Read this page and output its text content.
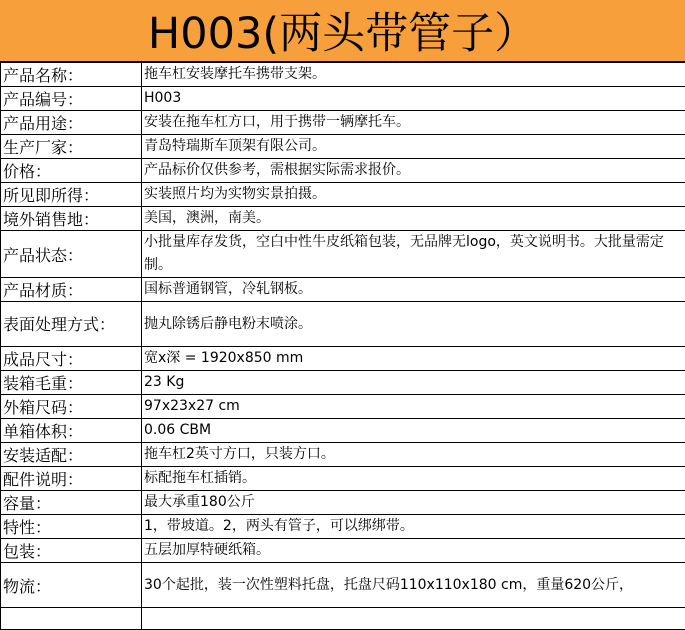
H003(两头带管子）
产品名称：	拖车杠安装摩托车携带支架。
产品编号：	H003
产品用途：	安装在拖车杠方口，用于携带一辆摩托车。
生产厂家：	青岛特瑞斯车顶架有限公司。
价格：	产品标价仅供参考，需根据实际需求报价。
所见即所得：	实装照片均为实物实景拍摄。
境外销售地：	美国，澳洲，南美。
产品状态：	小批量库存发货，空白中性牛皮纸箱包装，无品牌无logo，英文说明书。大批量需定制。
产品材质：	国标普通钢管，冷轧钢板。
表面处理方式：	抛丸除锈后静电粉末喷涂。
成品尺寸：	宽x深 = 1920x850 mm
装箱毛重：	23 Kg
外箱尺码：	97x23x27 cm
单箱体积：	0.06 CBM
安装适配：	拖车杠2英寸方口，只装方口。
配件说明：	标配拖车杠插销。
容量：	最大承重180公斤
特性：	1，带坡道。2，两头有管子，可以绑绑带。
包装：	五层加厚特硬纸箱。
物流：	30个起批，装一次性塑料托盘，托盘尺码110x110x180 cm，重量620公斤，
